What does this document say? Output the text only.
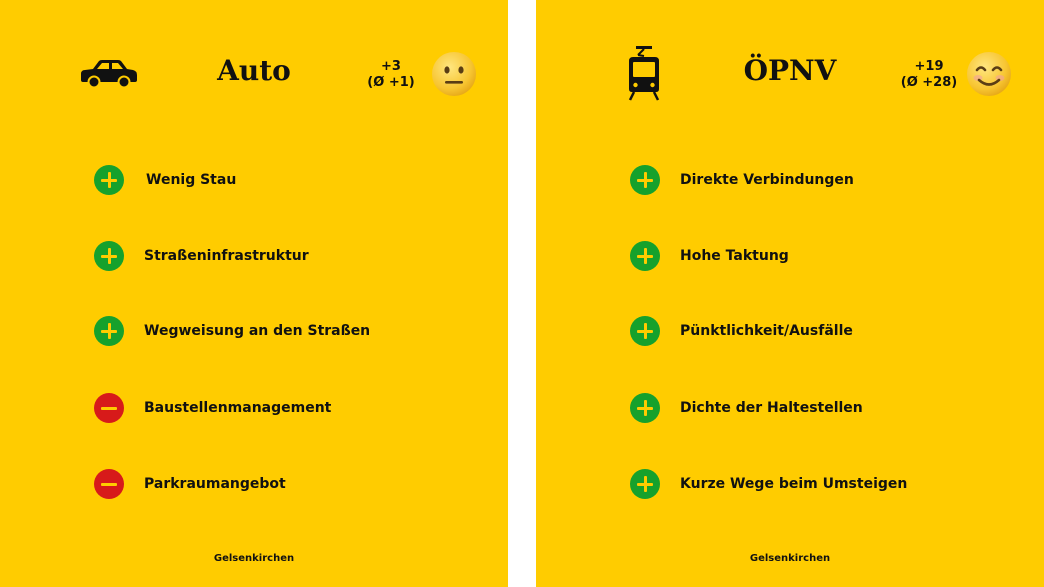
Auto	+3
(Ø +1)
Wenig Stau
Straßeninfrastruktur
Wegweisung an den Straßen
Baustellenmanagement
Parkraumangebot
Gelsenkirchen
ÖPNV	+19
(Ø +28)
Direkte Verbindungen
Hohe Taktung
Pünktlichkeit/Ausfälle
Dichte der Haltestellen
Kurze Wege beim Umsteigen
Gelsenkirchen
